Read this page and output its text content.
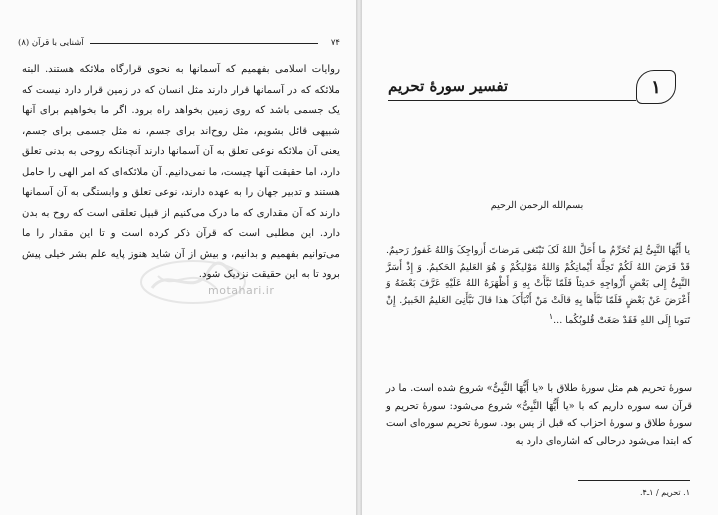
۷۴
آشنایی با قرآن (۸)

روایات اسلامی بفهمیم که آسمانها به نحوی قرارگاه ملائکه هستند. البته ملائکه که در آسمانها قرار دارند مثل انسان که در زمین قرار دارد نیست که یک جسمی باشد که روی زمین بخواهد راه برود. اگر ما بخواهیم برای آنها شبیهی قائل بشویم، مثل روح‌اند برای جسم، نه مثل جسمی برای جسم، یعنی آن ملائکه نوعی تعلق به آن آسمانها دارند آنچنانکه روحی به بدنی تعلق دارد، اما حقیقت آنها چیست، ما نمی‌دانیم. آن ملائکه‌ای که امر الهی را حامل هستند و تدبیر جهان را به عهده دارند، نوعی تعلق و وابستگی به آن آسمانها دارند که آن مقداری که ما درک می‌کنیم از قبیل تعلقی است که روح به بدن دارد. این مطلبی است که قرآن ذکر کرده است و تا این مقدار را ما می‌توانیم بفهمیم و بدانیم، و بیش از آن شاید هنوز پایه علم بشر خیلی پیش برود تا به این حقیقت نزدیک شود.

motahari.ir
۱
تفسیر سورهٔ تحریم
بسم‌الله الرحمن الرحیم
یا أَیُّهَا النَّبِیُّ لِمَ تُحَرِّمُ ما أَحَلَّ اللهُ لَکَ تَبْتَغی مَرضاتَ أَزواجِکَ وَاللهُ غَفورٌ رَحیمٌ. قَدْ فَرَضَ اللهُ لَکُمْ تَحِلَّةَ أَیْمانِکُمْ وَاللهُ مَوْلیکُمْ وَ هُوَ العَلیمُ الحَکیمُ. وَ إِذْ أَسَرَّ النَّبِیُّ إِلی بَعْضِ أَزْواجِهِ حَدیثاً فَلَمّا نَبَّأَتْ بِهِ وَ أَظْهَرَهُ اللهُ عَلَیْهِ عَرَّفَ بَعْضَهُ وَ أَعْرَضَ عَنْ بَعْضٍ فَلَمّا نَبَّأَها بِهِ قالَتْ مَنْ أَنْبَأَکَ هذا قالَ نَبَّأَنِیَ العَلیمُ الخَبیرُ. إِنْ تَتوبا إِلَی اللهِ فَقَدْ صَغَتْ قُلوبُکُما ...$^۱$

سورهٔ تحریم هم مثل سورهٔ طلاق با «یا أَیُّهَا النَّبِیُّ» شروع شده است. ما در قرآن سه سوره داریم که با «یا أَیُّهَا النَّبِیُّ» شروع می‌شود: سورهٔ تحریم و سورهٔ طلاق و سورهٔ احزاب که قبل از یس بود. سورهٔ تحریم سوره‌ای است که ابتدا می‌شود درحالی که اشاره‌ای دارد به

۱. تحریم / ۱ـ۴.
